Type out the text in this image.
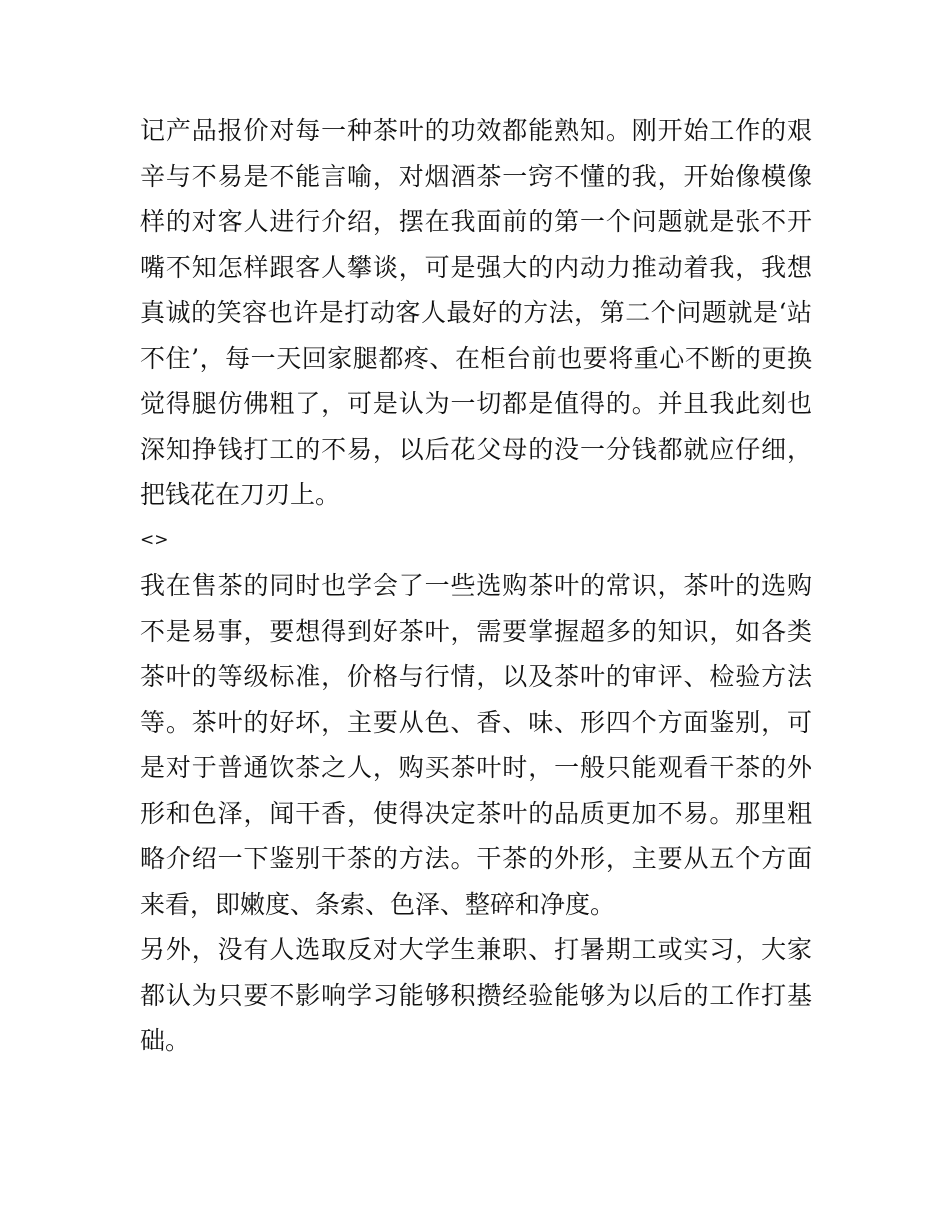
记产品报价对每一种茶叶的功效都能熟知。刚开始工作的艰辛与不易是不能言喻，对烟酒茶一窍不懂的我，开始像模像样的对客人进行介绍，摆在我面前的第一个问题就是张不开嘴不知怎样跟客人攀谈，可是强大的内动力推动着我，我想真诚的笑容也许是打动客人最好的方法，第二个问题就是‘站不住’，每一天回家腿都疼、在柜台前也要将重心不断的更换觉得腿仿佛粗了，可是认为一切都是值得的。并且我此刻也深知挣钱打工的不易，以后花父母的没一分钱都就应仔细，把钱花在刀刃上。

<>

我在售茶的同时也学会了一些选购茶叶的常识，茶叶的选购不是易事，要想得到好茶叶，需要掌握超多的知识，如各类茶叶的等级标准，价格与行情，以及茶叶的审评、检验方法等。茶叶的好坏，主要从色、香、味、形四个方面鉴别，可是对于普通饮茶之人，购买茶叶时，一般只能观看干茶的外形和色泽，闻干香，使得决定茶叶的品质更加不易。那里粗略介绍一下鉴别干茶的方法。干茶的外形，主要从五个方面来看，即嫩度、条索、色泽、整碎和净度。

另外，没有人选取反对大学生兼职、打暑期工或实习，大家都认为只要不影响学习能够积攒经验能够为以后的工作打基础。
